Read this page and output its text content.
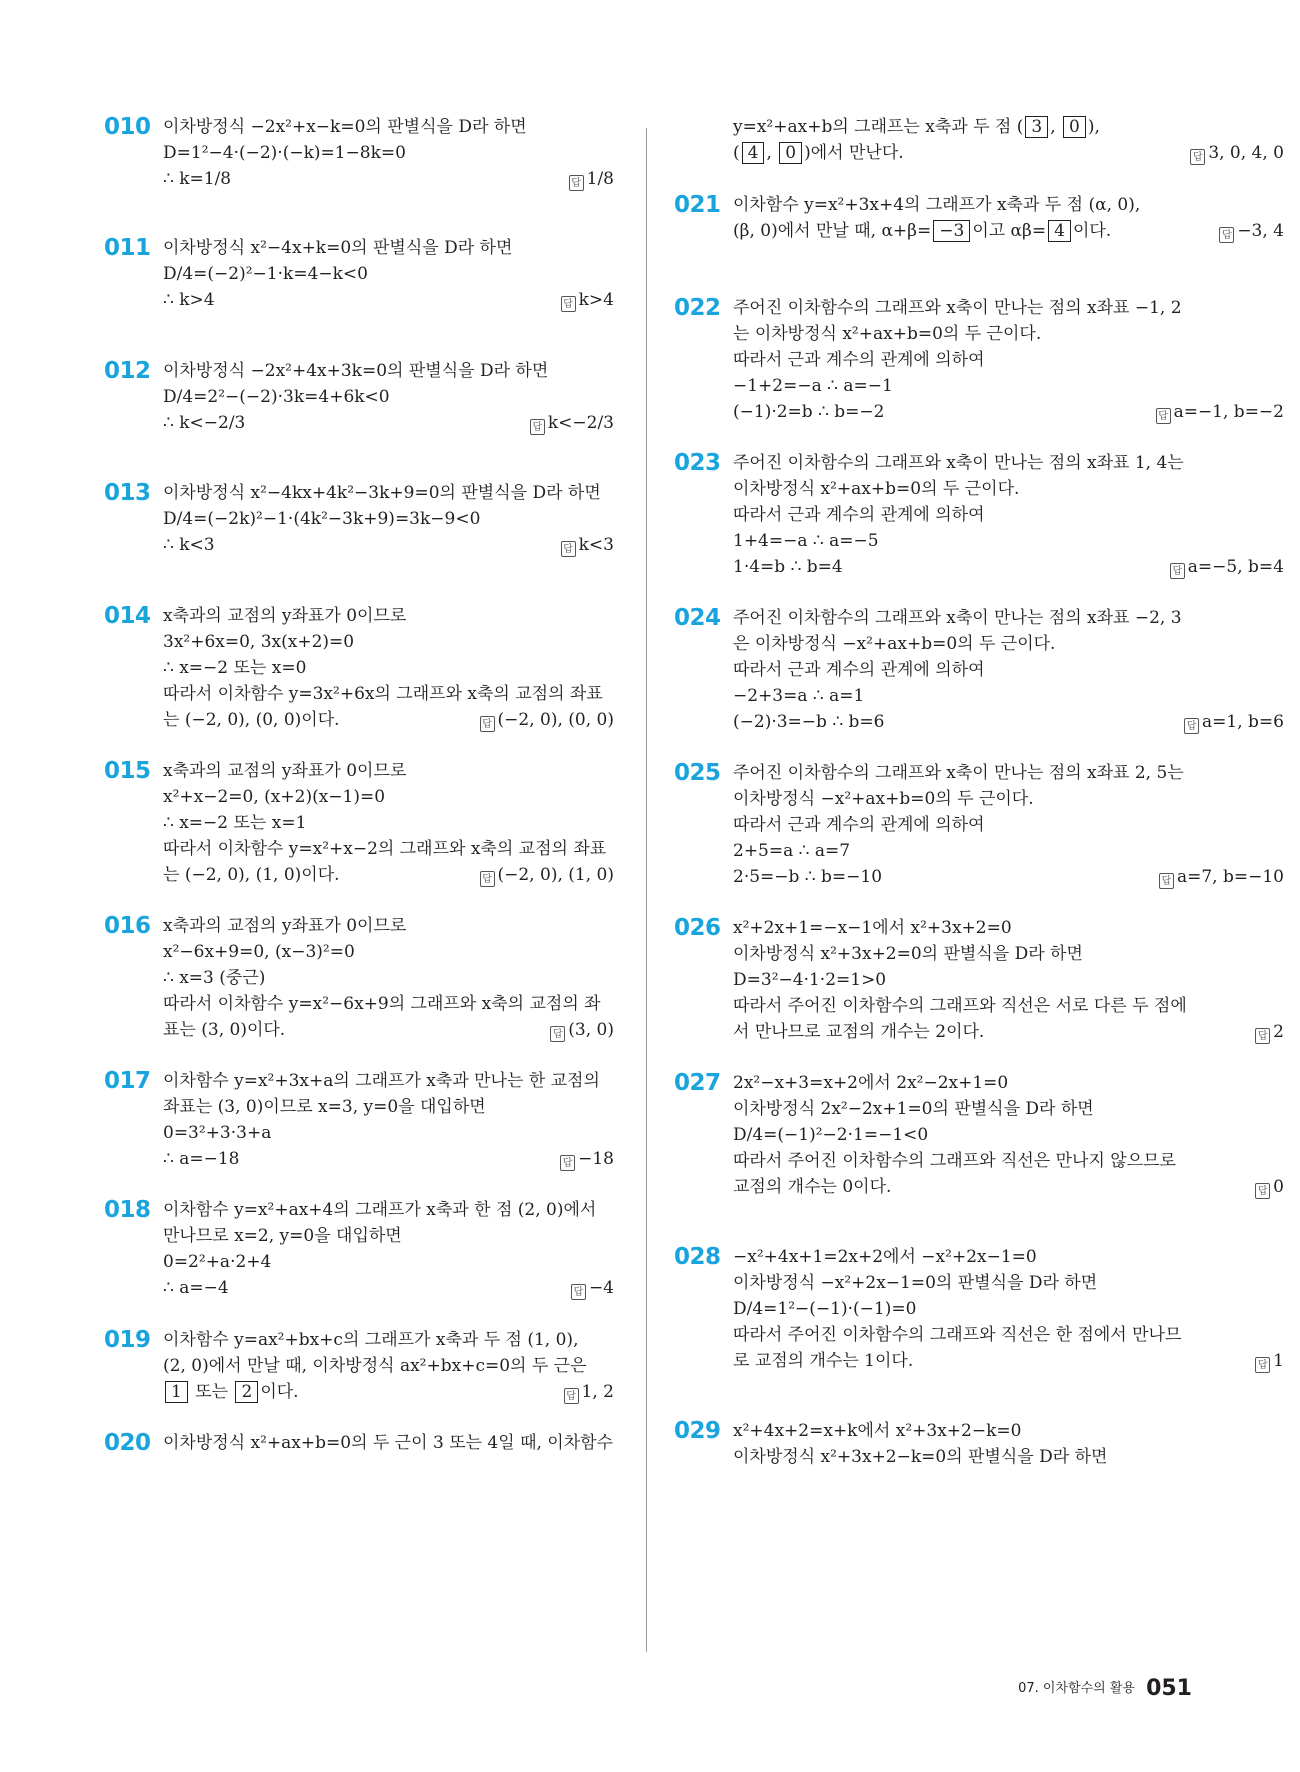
010 이차방정식 −2x²+x−k=0의 판별식을 D라 하면
D=1²−4·(−2)·(−k)=1−8k=0
∴ k=1/8	답 1/8
011 이차방정식 x²−4x+k=0의 판별식을 D라 하면
D/4=(−2)²−1·k=4−k<0
∴ k>4	답 k>4
012 이차방정식 −2x²+4x+3k=0의 판별식을 D라 하면
D/4=2²−(−2)·3k=4+6k<0
∴ k<−2/3	답 k<−2/3
013 이차방정식 x²−4kx+4k²−3k+9=0의 판별식을 D라 하면
D/4=(−2k)²−1·(4k²−3k+9)=3k−9<0
∴ k<3	답 k<3
014 x축과의 교점의 y좌표가 0이므로
3x²+6x=0, 3x(x+2)=0
∴ x=−2 또는 x=0
따라서 이차함수 y=3x²+6x의 그래프와 x축의 교점의 좌표
는 (−2, 0), (0, 0)이다.	답 (−2, 0), (0, 0)
015 x축과의 교점의 y좌표가 0이므로
x²+x−2=0, (x+2)(x−1)=0
∴ x=−2 또는 x=1
따라서 이차함수 y=x²+x−2의 그래프와 x축의 교점의 좌표
는 (−2, 0), (1, 0)이다.	답 (−2, 0), (1, 0)
016 x축과의 교점의 y좌표가 0이므로
x²−6x+9=0, (x−3)²=0
∴ x=3 (중근)
따라서 이차함수 y=x²−6x+9의 그래프와 x축의 교점의 좌
표는 (3, 0)이다.	답 (3, 0)
017 이차함수 y=x²+3x+a의 그래프가 x축과 만나는 한 교점의
좌표는 (3, 0)이므로 x=3, y=0을 대입하면
0=3²+3·3+a
∴ a=−18	답 −18
018 이차함수 y=x²+ax+4의 그래프가 x축과 한 점 (2, 0)에서
만나므로 x=2, y=0을 대입하면
0=2²+a·2+4
∴ a=−4	답 −4
019 이차함수 y=ax²+bx+c의 그래프가 x축과 두 점 (1, 0),
(2, 0)에서 만날 때, 이차방정식 ax²+bx+c=0의 두 근은
1 또는 2 이다.	답 1, 2
020 이차방정식 x²+ax+b=0의 두 근이 3 또는 4일 때, 이차함수
y=x²+ax+b의 그래프는 x축과 두 점 ( 3 , 0 ),
( 4 , 0 )에서 만난다.	답 3, 0, 4, 0
021 이차함수 y=x²+3x+4의 그래프가 x축과 두 점 (α, 0),
(β, 0)에서 만날 때, α+β= −3 이고 αβ= 4 이다.	답 −3, 4
022 주어진 이차함수의 그래프와 x축이 만나는 점의 x좌표 −1, 2
는 이차방정식 x²+ax+b=0의 두 근이다.
따라서 근과 계수의 관계에 의하여
−1+2=−a ∴ a=−1
(−1)·2=b ∴ b=−2	답 a=−1, b=−2
023 주어진 이차함수의 그래프와 x축이 만나는 점의 x좌표 1, 4는
이차방정식 x²+ax+b=0의 두 근이다.
따라서 근과 계수의 관계에 의하여
1+4=−a ∴ a=−5
1·4=b ∴ b=4	답 a=−5, b=4
024 주어진 이차함수의 그래프와 x축이 만나는 점의 x좌표 −2, 3
은 이차방정식 −x²+ax+b=0의 두 근이다.
따라서 근과 계수의 관계에 의하여
−2+3=a ∴ a=1
(−2)·3=−b ∴ b=6	답 a=1, b=6
025 주어진 이차함수의 그래프와 x축이 만나는 점의 x좌표 2, 5는
이차방정식 −x²+ax+b=0의 두 근이다.
따라서 근과 계수의 관계에 의하여
2+5=a ∴ a=7
2·5=−b ∴ b=−10	답 a=7, b=−10
026 x²+2x+1=−x−1에서 x²+3x+2=0
이차방정식 x²+3x+2=0의 판별식을 D라 하면
D=3²−4·1·2=1>0
따라서 주어진 이차함수의 그래프와 직선은 서로 다른 두 점에
서 만나므로 교점의 개수는 2이다.	답 2
027 2x²−x+3=x+2에서 2x²−2x+1=0
이차방정식 2x²−2x+1=0의 판별식을 D라 하면
D/4=(−1)²−2·1=−1<0
따라서 주어진 이차함수의 그래프와 직선은 만나지 않으므로
교점의 개수는 0이다.	답 0
028 −x²+4x+1=2x+2에서 −x²+2x−1=0
이차방정식 −x²+2x−1=0의 판별식을 D라 하면
D/4=1²−(−1)·(−1)=0
따라서 주어진 이차함수의 그래프와 직선은 한 점에서 만나므
로 교점의 개수는 1이다.	답 1
029 x²+4x+2=x+k에서 x²+3x+2−k=0
이차방정식 x²+3x+2−k=0의 판별식을 D라 하면
07. 이차함수의 활용 051
